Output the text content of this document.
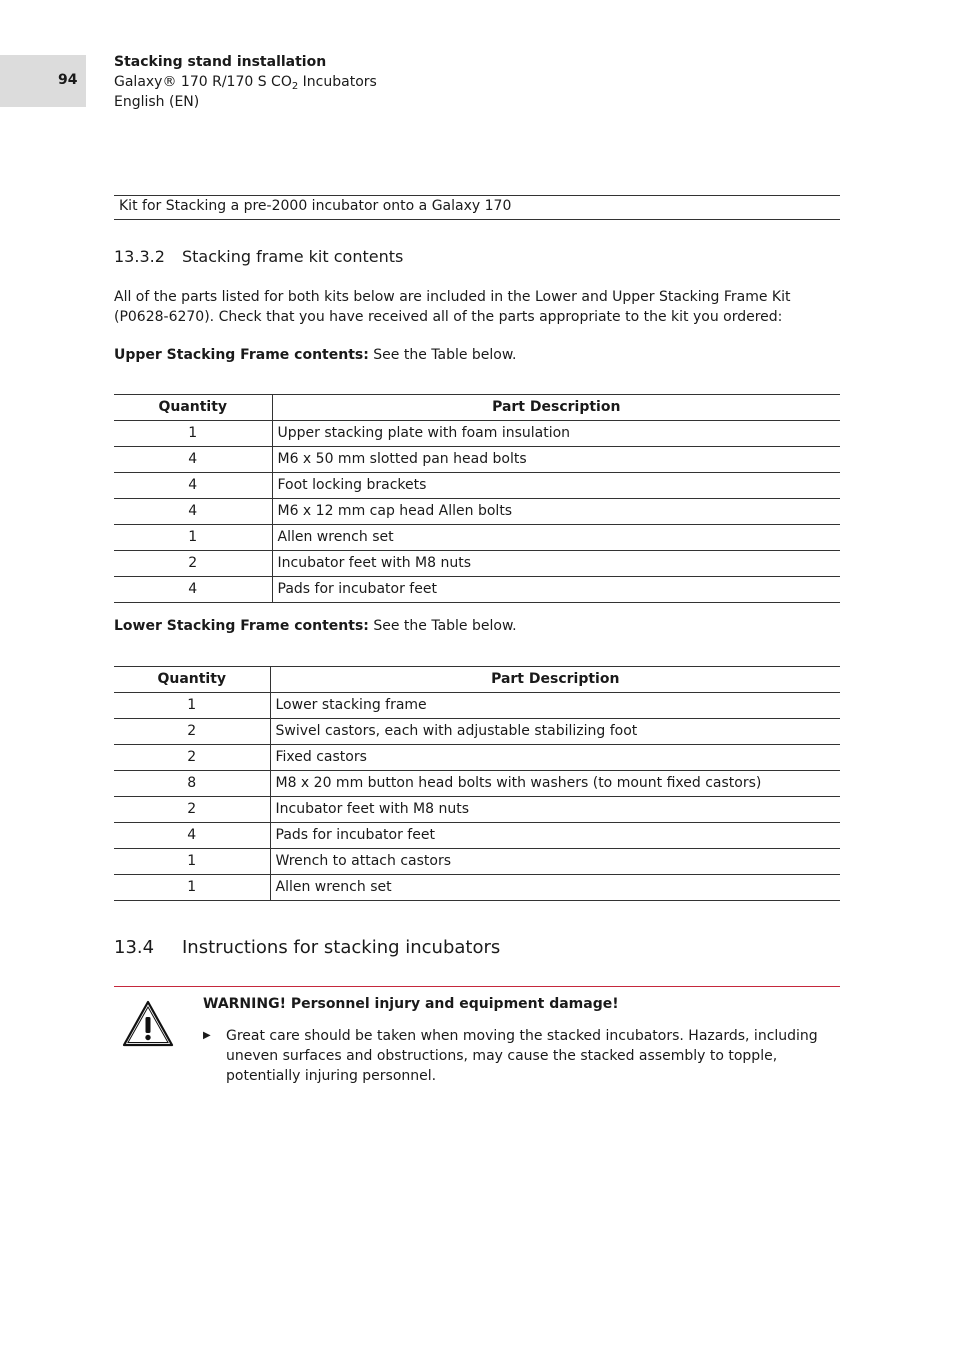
94
Stacking stand installation
Galaxy® 170 R/170 S $CO_2$ Incubators
English (EN)
Kit for Stacking a pre-2000 incubator onto a Galaxy 170
13.3.2 Stacking frame kit contents
All of the parts listed for both kits below are included in the Lower and Upper Stacking Frame Kit (P0628-6270). Check that you have received all of the parts appropriate to the kit you ordered:
Upper Stacking Frame contents: See the Table below.
Quantity	Part Description
1	Upper stacking plate with foam insulation
4	M6 x 50 mm slotted pan head bolts
4	Foot locking brackets
4	M6 x 12 mm cap head Allen bolts
1	Allen wrench set
2	Incubator feet with M8 nuts
4	Pads for incubator feet
Lower Stacking Frame contents: See the Table below.
Quantity	Part Description
1	Lower stacking frame
2	Swivel castors, each with adjustable stabilizing foot
2	Fixed castors
8	M8 x 20 mm button head bolts with washers (to mount fixed castors)
2	Incubator feet with M8 nuts
4	Pads for incubator feet
1	Wrench to attach castors
1	Allen wrench set
13.4 Instructions for stacking incubators
WARNING! Personnel injury and equipment damage!
▶ Great care should be taken when moving the stacked incubators. Hazards, including uneven surfaces and obstructions, may cause the stacked assembly to topple, potentially injuring personnel.
